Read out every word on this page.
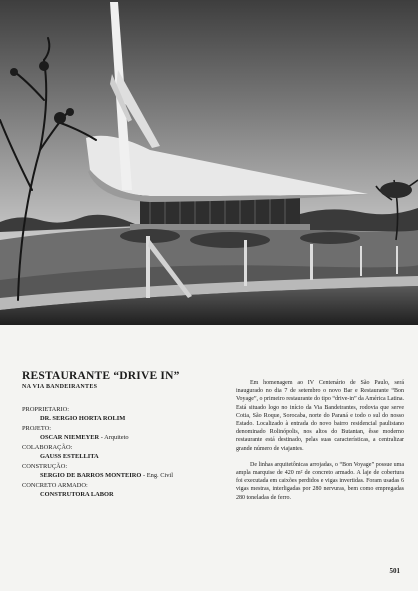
RESTAURANTE “DRIVE IN”
NA VIA BANDEIRANTES
PROPRIETARIO:
DR. SERGIO HORTA ROLIM
PROJETO:
OSCAR NIEMEYER - Arquiteto
COLABORAÇÃO:
GAUSS ESTELLITA
CONSTRUÇÃO:
SERGIO DE BARROS MONTEIRO - Eng. Civil
CONCRETO ARMADO:
CONSTRUTORA LABOR

Em homenagem ao IV Centenário de São Paulo, será inaugurado no dia 7 de setembro o novo Bar e Restaurante “Bon Voyage”, o primeiro restaurante do tipo “drive-in” da América Latina. Está situado logo no início da Via Bandeirantes, rodovia que serve Cotia, São Roque, Sorocaba, norte do Paraná e todo o sul do nosso Estado. Localizado à entrada do novo bairro residencial paulistano denominado Rolinópolis, nos altos do Butantan, êsse moderno restaurante está destinado, pelas suas características, a centralizar grande número de viajantes.

De linhas arquitetônicas arrojadas, o “Bon Voyage” possue uma ampla marquise de 420 m² de concreto armado. A laje de cobertura foi executada em caixões perdidos e vigas invertidas. Foram usadas 6 vigas mestras, interligadas por 280 nervuras, bem como empregadas 280 toneladas de ferro.

501
